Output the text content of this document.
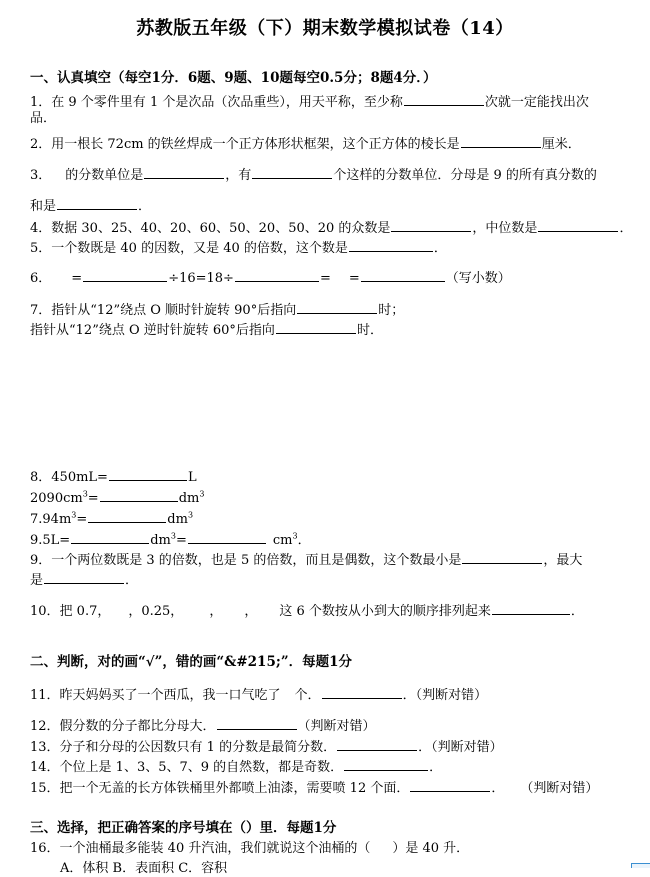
苏教版五年级（下）期末数学模拟试卷（14）
一、认真填空（每空1分．6题、9题、10题每空0.5分；8题4分．）
1．在 9 个零件里有 1 个是次品（次品重些），用天平称，至少称	次就一定能找出次
品．
2．用一根长 72cm 的铁丝焊成一个正方体形状框架，这个正方体的棱长是	厘米．
3． 的分数单位是	，有	个这样的分数单位．分母是 9 的所有真分数的
和是	．
4．数据 30、25、40、20、60、50、20、50、20 的众数是	，中位数是	．
5．一个数既是 40 的因数，又是 40 的倍数，这个数是	．
6． =	÷16=18÷	= =	（写小数）
7．指针从“12”绕点 O 顺时针旋转 90°后指向	时；
指针从“12”绕点 O 逆时针旋转 60°后指向	时．
8．450mL=	L
$2090cm^3=$	$dm^3$
$7.94m^3=$	$dm^3$
9.5L=	$dm^3=$	$cm^3$．
9．一个两位数既是 3 的倍数，也是 5 的倍数，而且是偶数，这个数最小是	，最大
是	．
10．把 0.7， ，0.25， ， ， 这 6 个数按从小到大的顺序排列起来	．
二、判断，对的画“√”，错的画“&#215;”．每题1分
11．昨天妈妈买了一个西瓜，我一口气吃了 个．	．（判断对错）
12．假分数的分子都比分母大．	（判断对错）
13．分子和分母的公因数只有 1 的分数是最简分数．	．（判断对错）
14．个位上是 1、3、5、7、9 的自然数，都是奇数．	．
15．把一个无盖的长方体铁桶里外都喷上油漆，需要喷 12 个面．	． （判断对错）
三、选择，把正确答案的序号填在（）里．每题1分
16．一个油桶最多能装 40 升汽油，我们就说这个油桶的（ ）是 40 升．
A．体积 B．表面积 C．容积
